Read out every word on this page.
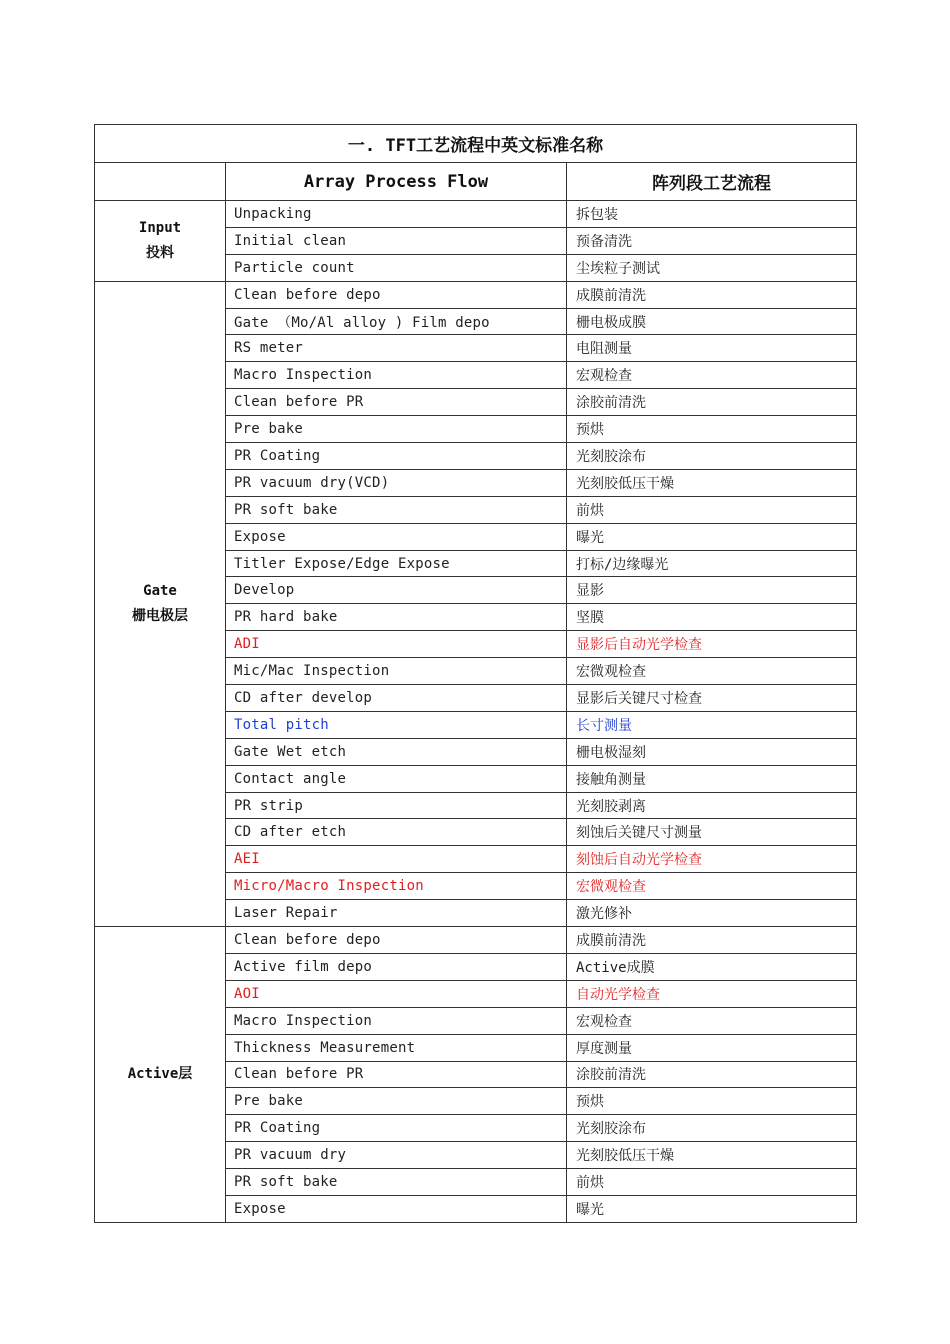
一. TFT工艺流程中英文标准名称		
	Array Process Flow	阵列段工艺流程
Input
投料	Unpacking	拆包装
	Initial clean	预备清洗
	Particle count	尘埃粒子测试
Gate
栅电极层	Clean before depo	成膜前清洗
	Gate （Mo/Al alloy ) Film depo	栅电极成膜
	RS meter	电阻测量
	Macro Inspection	宏观检查
	Clean before PR	涂胶前清洗
	Pre bake	预烘
	PR Coating	光刻胶涂布
	PR vacuum dry(VCD)	光刻胶低压干燥
	PR soft bake	前烘
	Expose	曝光
	Titler Expose/Edge Expose	打标/边缘曝光
	Develop	显影
	PR hard bake	坚膜
	ADI	显影后自动光学检查
	Mic/Mac Inspection	宏微观检查
	CD after develop	显影后关键尺寸检查
	Total pitch	长寸测量
	Gate Wet etch	栅电极湿刻
	Contact angle	接触角测量
	PR strip	光刻胶剥离
	CD after etch	刻蚀后关键尺寸测量
	AEI	刻蚀后自动光学检查
	Micro/Macro Inspection	宏微观检查
	Laser Repair	激光修补
Active层	Clean before depo	成膜前清洗
	Active film depo	Active成膜
	AOI	自动光学检查
	Macro Inspection	宏观检查
	Thickness Measurement	厚度测量
	Clean before PR	涂胶前清洗
	Pre bake	预烘
	PR Coating	光刻胶涂布
	PR vacuum dry	光刻胶低压干燥
	PR soft bake	前烘
	Expose	曝光
